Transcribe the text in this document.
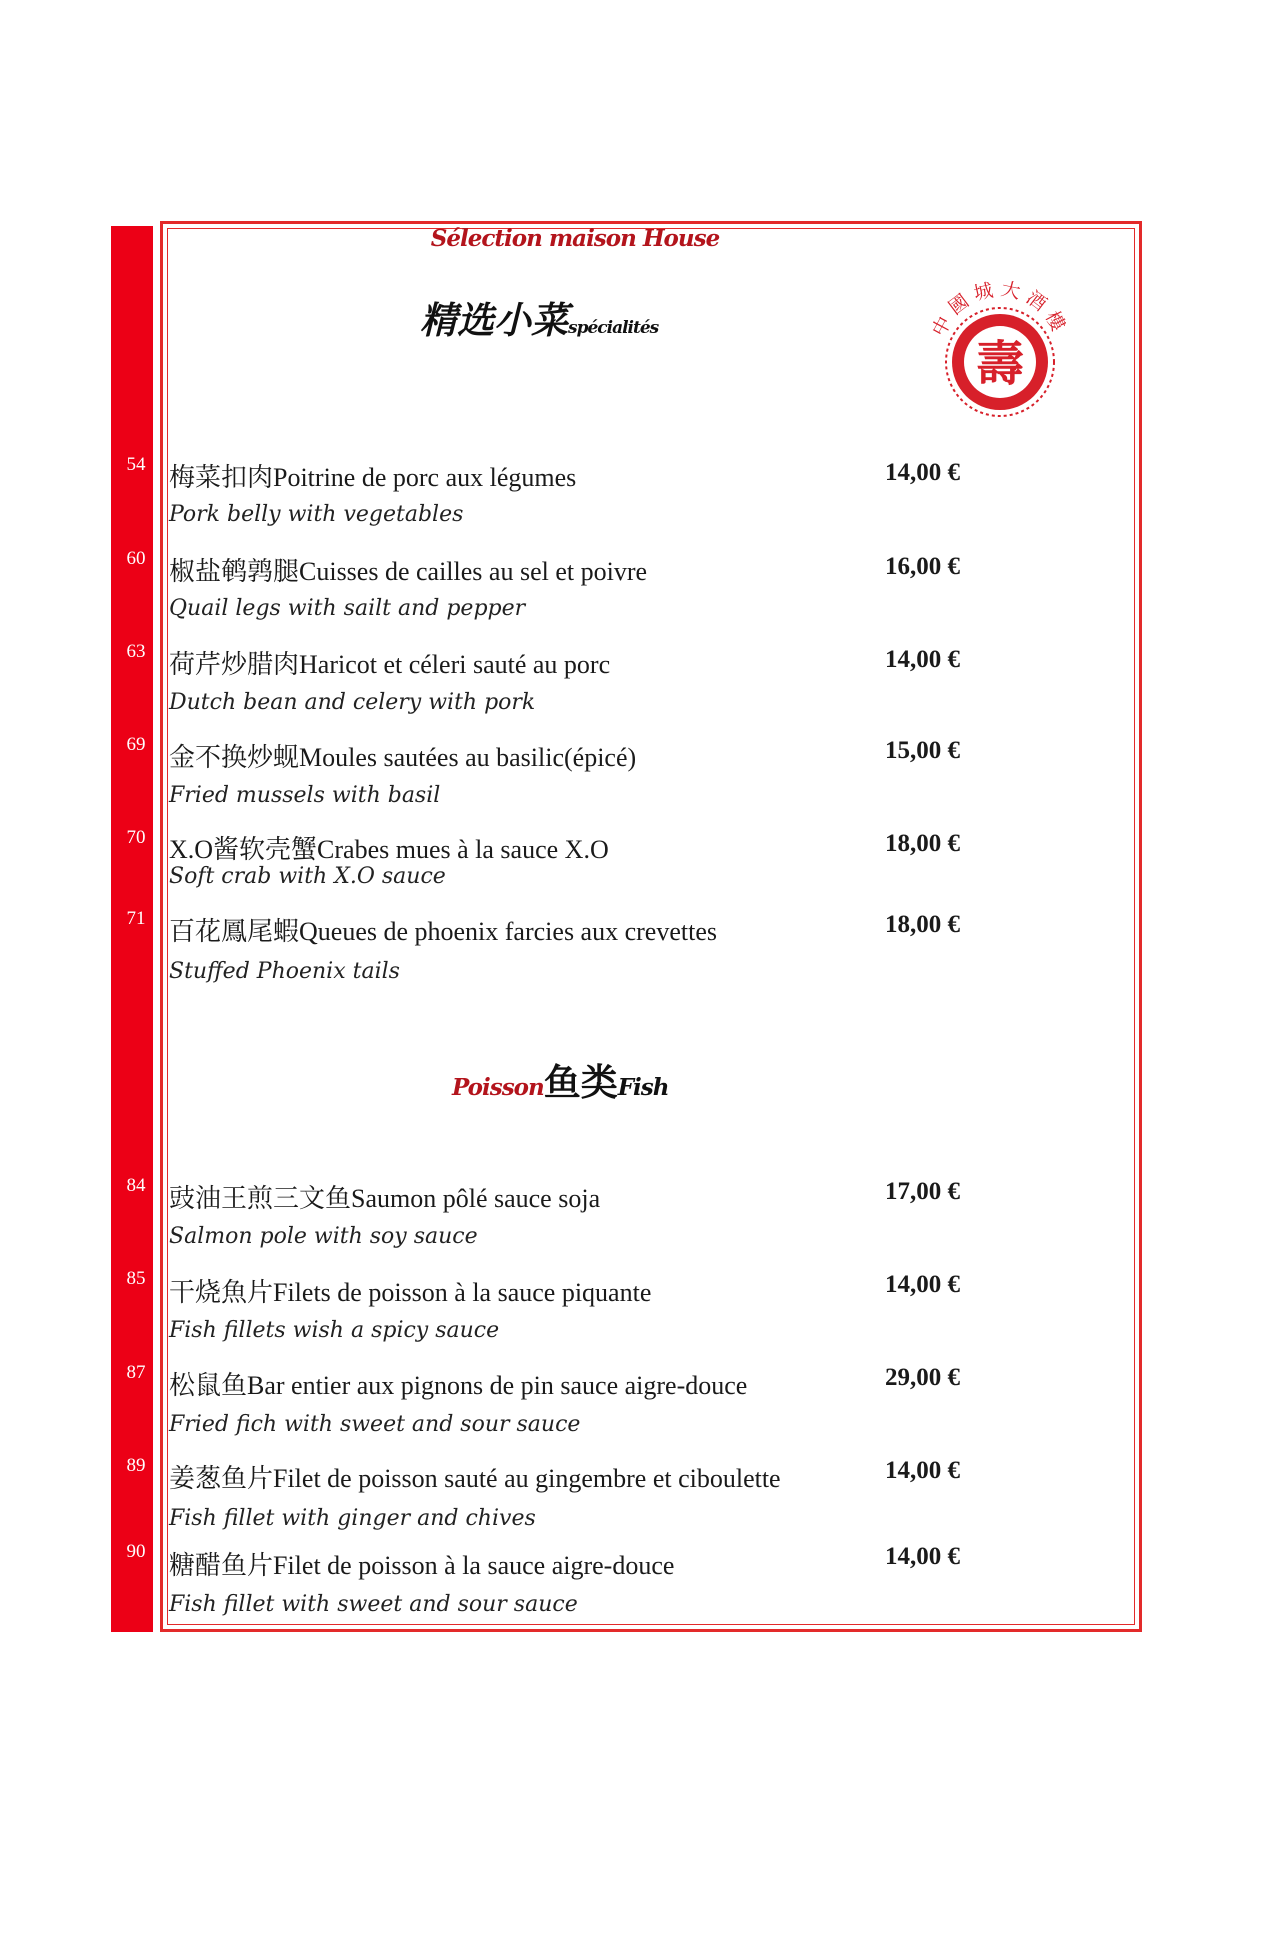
Sélection maison House
精选小菜spécialités	中國城大酒樓
壽
54 梅菜扣肉Poitrine de porc aux légumes	14,00 €
Pork belly with vegetables
60 椒盐鹌鹑腿Cuisses de cailles au sel et poivre	16,00 €
Quail legs with sailt and pepper
63 荷芹炒腊肉Haricot et céleri sauté au porc	14,00 €
Dutch bean and celery with pork
69 金不换炒蚬Moules sautées au basilic(épicé)	15,00 €
Fried mussels with basil
70 X.O酱软壳蟹Crabes mues à la sauce X.O	18,00 €
Soft crab with X.O sauce
71 百花鳳尾蝦Queues de phoenix farcies aux crevettes	18,00 €
Stuffed Phoenix tails
Poisson鱼类Fish
84 豉油王煎三文鱼Saumon pôlé sauce soja	17,00 €
Salmon pole with soy sauce
85 干烧魚片Filets de poisson à la sauce piquante	14,00 €
Fish fillets wish a spicy sauce
87 松鼠鱼Bar entier aux pignons de pin sauce aigre-douce	29,00 €
Fried fich with sweet and sour sauce
89 姜葱鱼片Filet de poisson sauté au gingembre et ciboulette	14,00 €
Fish fillet with ginger and chives
90 糖醋鱼片Filet de poisson à la sauce aigre-douce	14,00 €
Fish fillet with sweet and sour sauce
